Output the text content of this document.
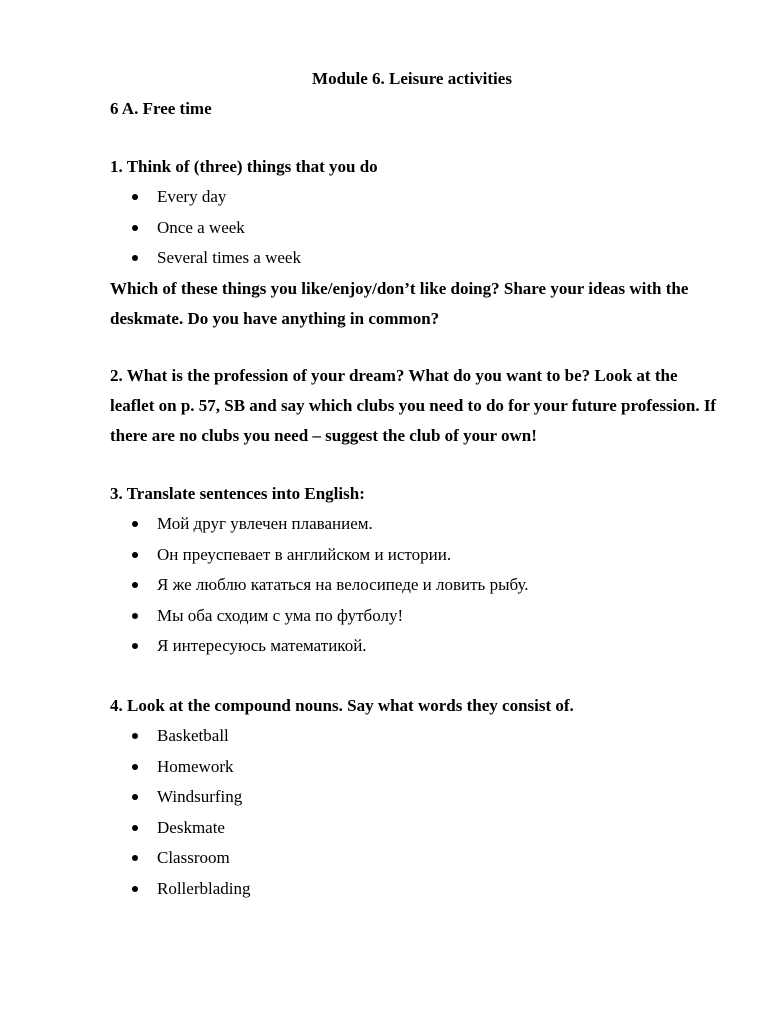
Module 6. Leisure activities
6 A. Free time

1. Think of (three) things that you do

Every day
Once a week
Several times a week

Which of these things you like/enjoy/don’t like doing? Share your ideas with the deskmate. Do you have anything in common?

2. What is the profession of your dream? What do you want to be? Look at the leaflet on p. 57, SB and say which clubs you need to do for your future profession. If there are no clubs you need – suggest the club of your own!

3. Translate sentences into English:

Мой друг увлечен плаванием.
Он преуспевает в английском и истории.
Я же люблю кататься на велосипеде и ловить рыбу.
Мы оба сходим с ума по футболу!
Я интересуюсь математикой.

4. Look at the compound nouns. Say what words they consist of.

Basketball
Homework
Windsurfing
Deskmate
Classroom
Rollerblading
